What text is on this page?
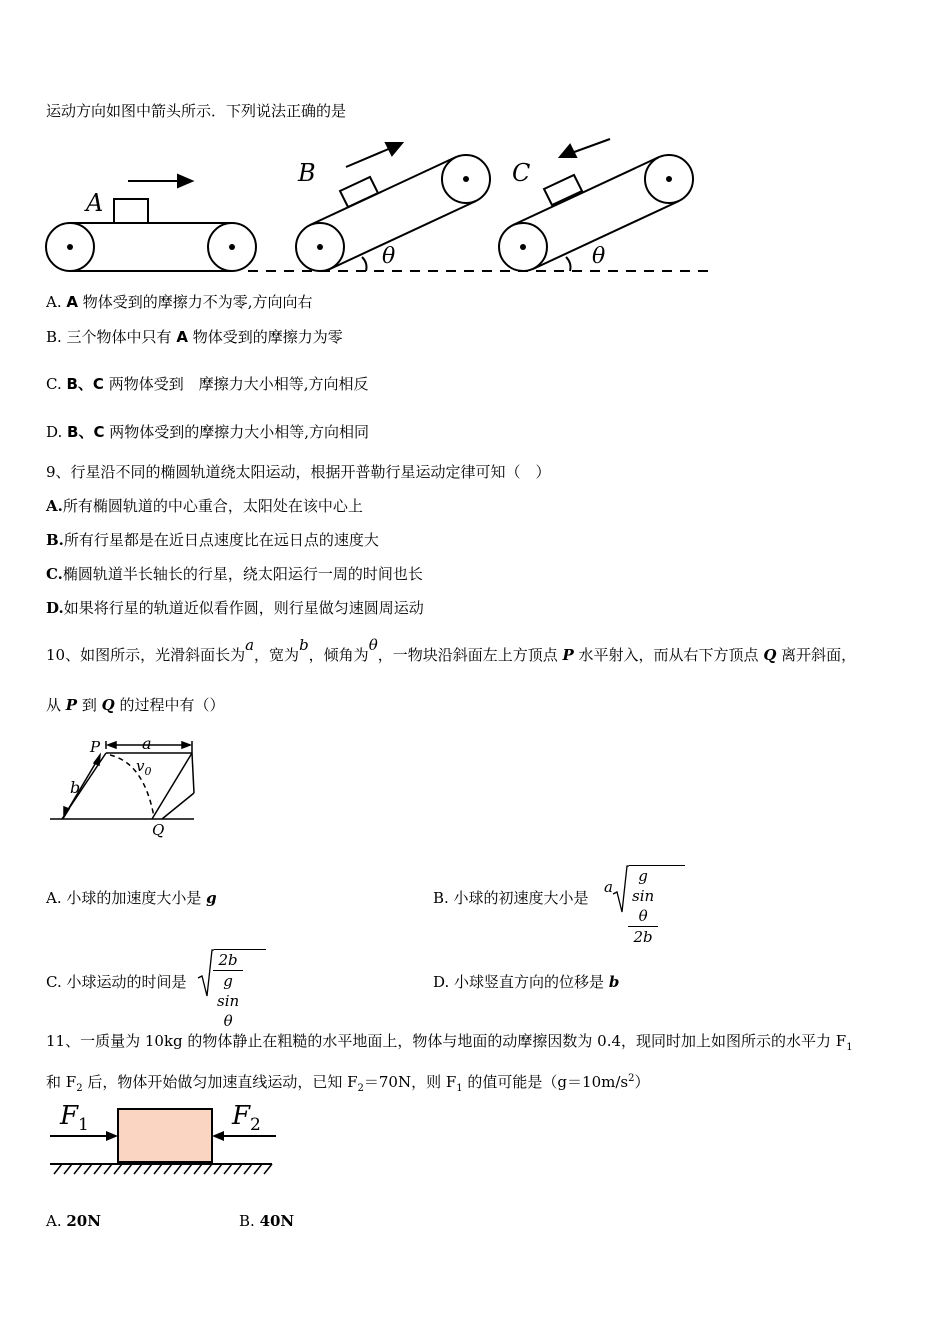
运动方向如图中箭头所示．下列说法正确的是
A
B
θ
C
θ
A. A 物体受到的摩擦力不为零,方向向右
B. 三个物体中只有 A 物体受到的摩擦力为零
C. B、C 两物体受到　摩擦力大小相等,方向相反
D. B、C 两物体受到的摩擦力大小相等,方向相同
9、行星沿不同的椭圆轨道绕太阳运动，根据开普勒行星运动定律可知（　）
A.所有椭圆轨道的中心重合，太阳处在该中心上
B.所有行星都是在近日点速度比在远日点的速度大
C.椭圆轨道半长轴长的行星，绕太阳运行一周的时间也长
D.如果将行星的轨道近似看作圆，则行星做匀速圆周运动
10、如图所示，光滑斜面长为a，宽为b，倾角为θ，一物块沿斜面左上方顶点 P 水平射入，而从右下方顶点 Q 离开斜面，
从 P 到 Q 的过程中有（）
P	a
$v_0$
b
Q
A. 小球的加速度大小是 g	B. 小球的初速度大小是
a $\frac{\text{g sin θ}}{2b}$
C. 小球运动的时间是 $\frac{2b}{\text{g sin θ}}$	D. 小球竖直方向的位移是 b
11、一质量为 10kg 的物体静止在粗糙的水平地面上，物体与地面的动摩擦因数为 0.4，现同时加上如图所示的水平力 $F_1$
和 $F_2$ 后，物体开始做匀加速直线运动，已知 $F_2=70N$，则 $F_1$ 的值可能是$(g=10m/s^2)$
$F_1$	$F_2$
A. 20N	B. 40N
